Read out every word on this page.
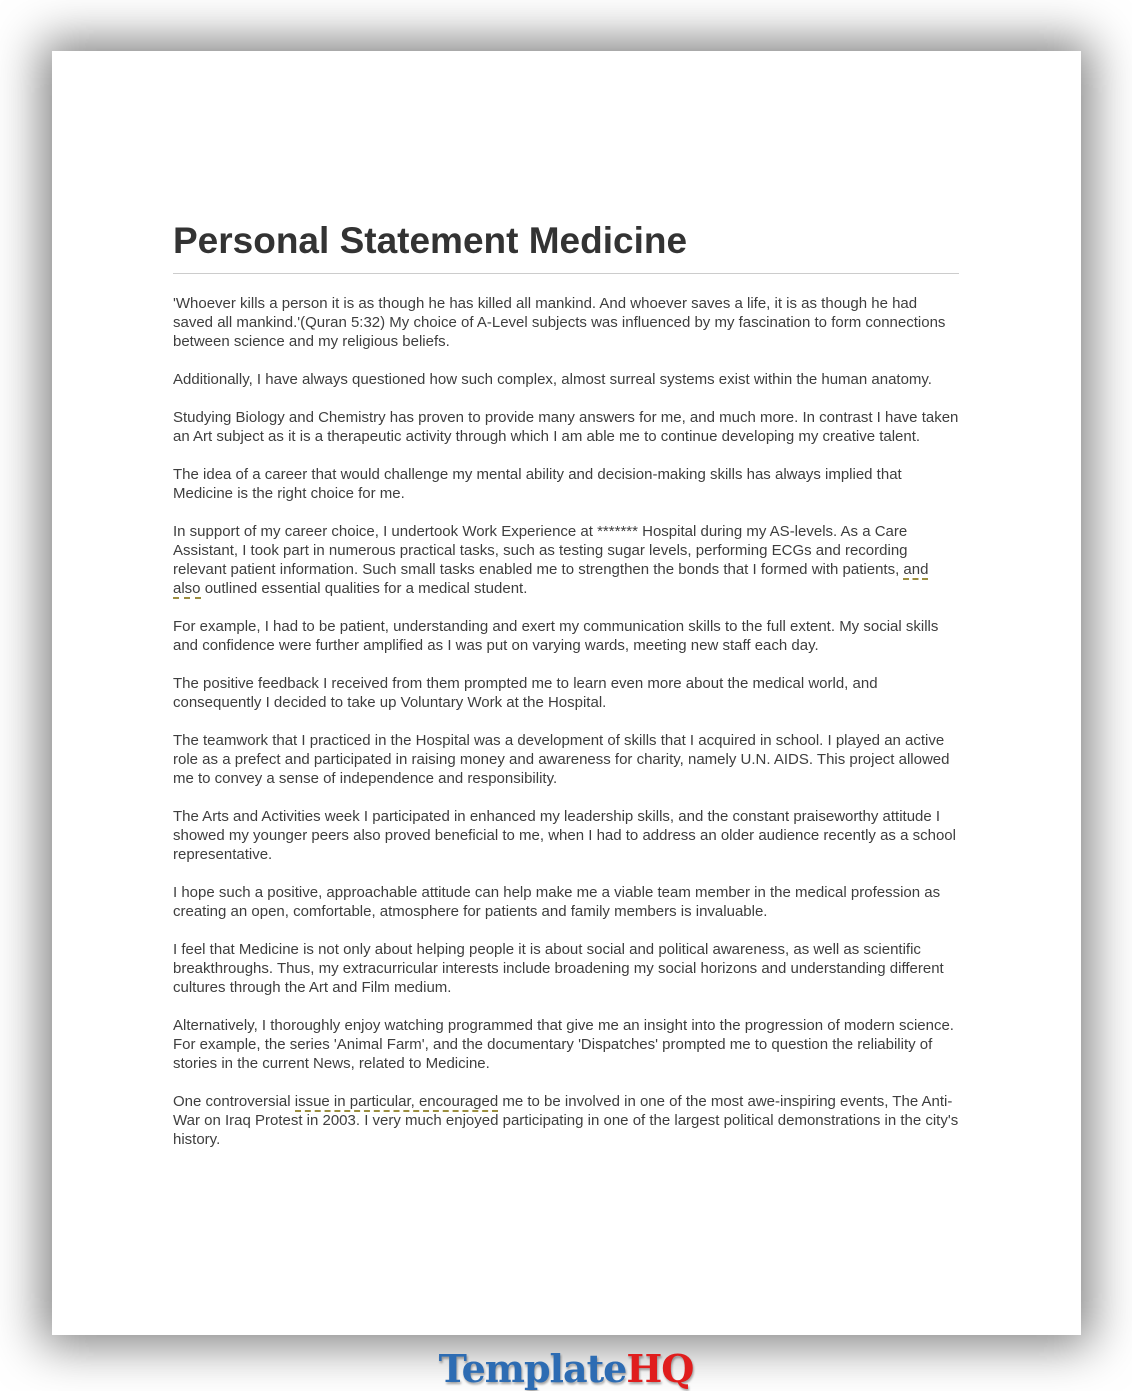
Personal Statement Medicine

'Whoever kills a person it is as though he has killed all mankind. And whoever saves a life, it is as though he had saved all mankind.'(Quran 5:32) My choice of A-Level subjects was influenced by my fascination to form connections between science and my religious beliefs.

Additionally, I have always questioned how such complex, almost surreal systems exist within the human anatomy.

Studying Biology and Chemistry has proven to provide many answers for me, and much more. In contrast I have taken an Art subject as it is a therapeutic activity through which I am able me to continue developing my creative talent.

The idea of a career that would challenge my mental ability and decision-making skills has always implied that Medicine is the right choice for me.

In support of my career choice, I undertook Work Experience at ******* Hospital during my AS-levels. As a Care Assistant, I took part in numerous practical tasks, such as testing sugar levels, performing ECGs and recording relevant patient information. Such small tasks enabled me to strengthen the bonds that I formed with patients, and also outlined essential qualities for a medical student.

For example, I had to be patient, understanding and exert my communication skills to the full extent. My social skills and confidence were further amplified as I was put on varying wards, meeting new staff each day.

The positive feedback I received from them prompted me to learn even more about the medical world, and consequently I decided to take up Voluntary Work at the Hospital.

The teamwork that I practiced in the Hospital was a development of skills that I acquired in school. I played an active role as a prefect and participated in raising money and awareness for charity, namely U.N. AIDS. This project allowed me to convey a sense of independence and responsibility.

The Arts and Activities week I participated in enhanced my leadership skills, and the constant praiseworthy attitude I showed my younger peers also proved beneficial to me, when I had to address an older audience recently as a school representative.

I hope such a positive, approachable attitude can help make me a viable team member in the medical profession as creating an open, comfortable, atmosphere for patients and family members is invaluable.

I feel that Medicine is not only about helping people it is about social and political awareness, as well as scientific breakthroughs. Thus, my extracurricular interests include broadening my social horizons and understanding different cultures through the Art and Film medium.

Alternatively, I thoroughly enjoy watching programmed that give me an insight into the progression of modern science. For example, the series 'Animal Farm', and the documentary 'Dispatches' prompted me to question the reliability of stories in the current News, related to Medicine.

One controversial issue in particular, encouraged me to be involved in one of the most awe-inspiring events, The Anti-War on Iraq Protest in 2003. I very much enjoyed participating in one of the largest political demonstrations in the city's history.

TemplateHQ
